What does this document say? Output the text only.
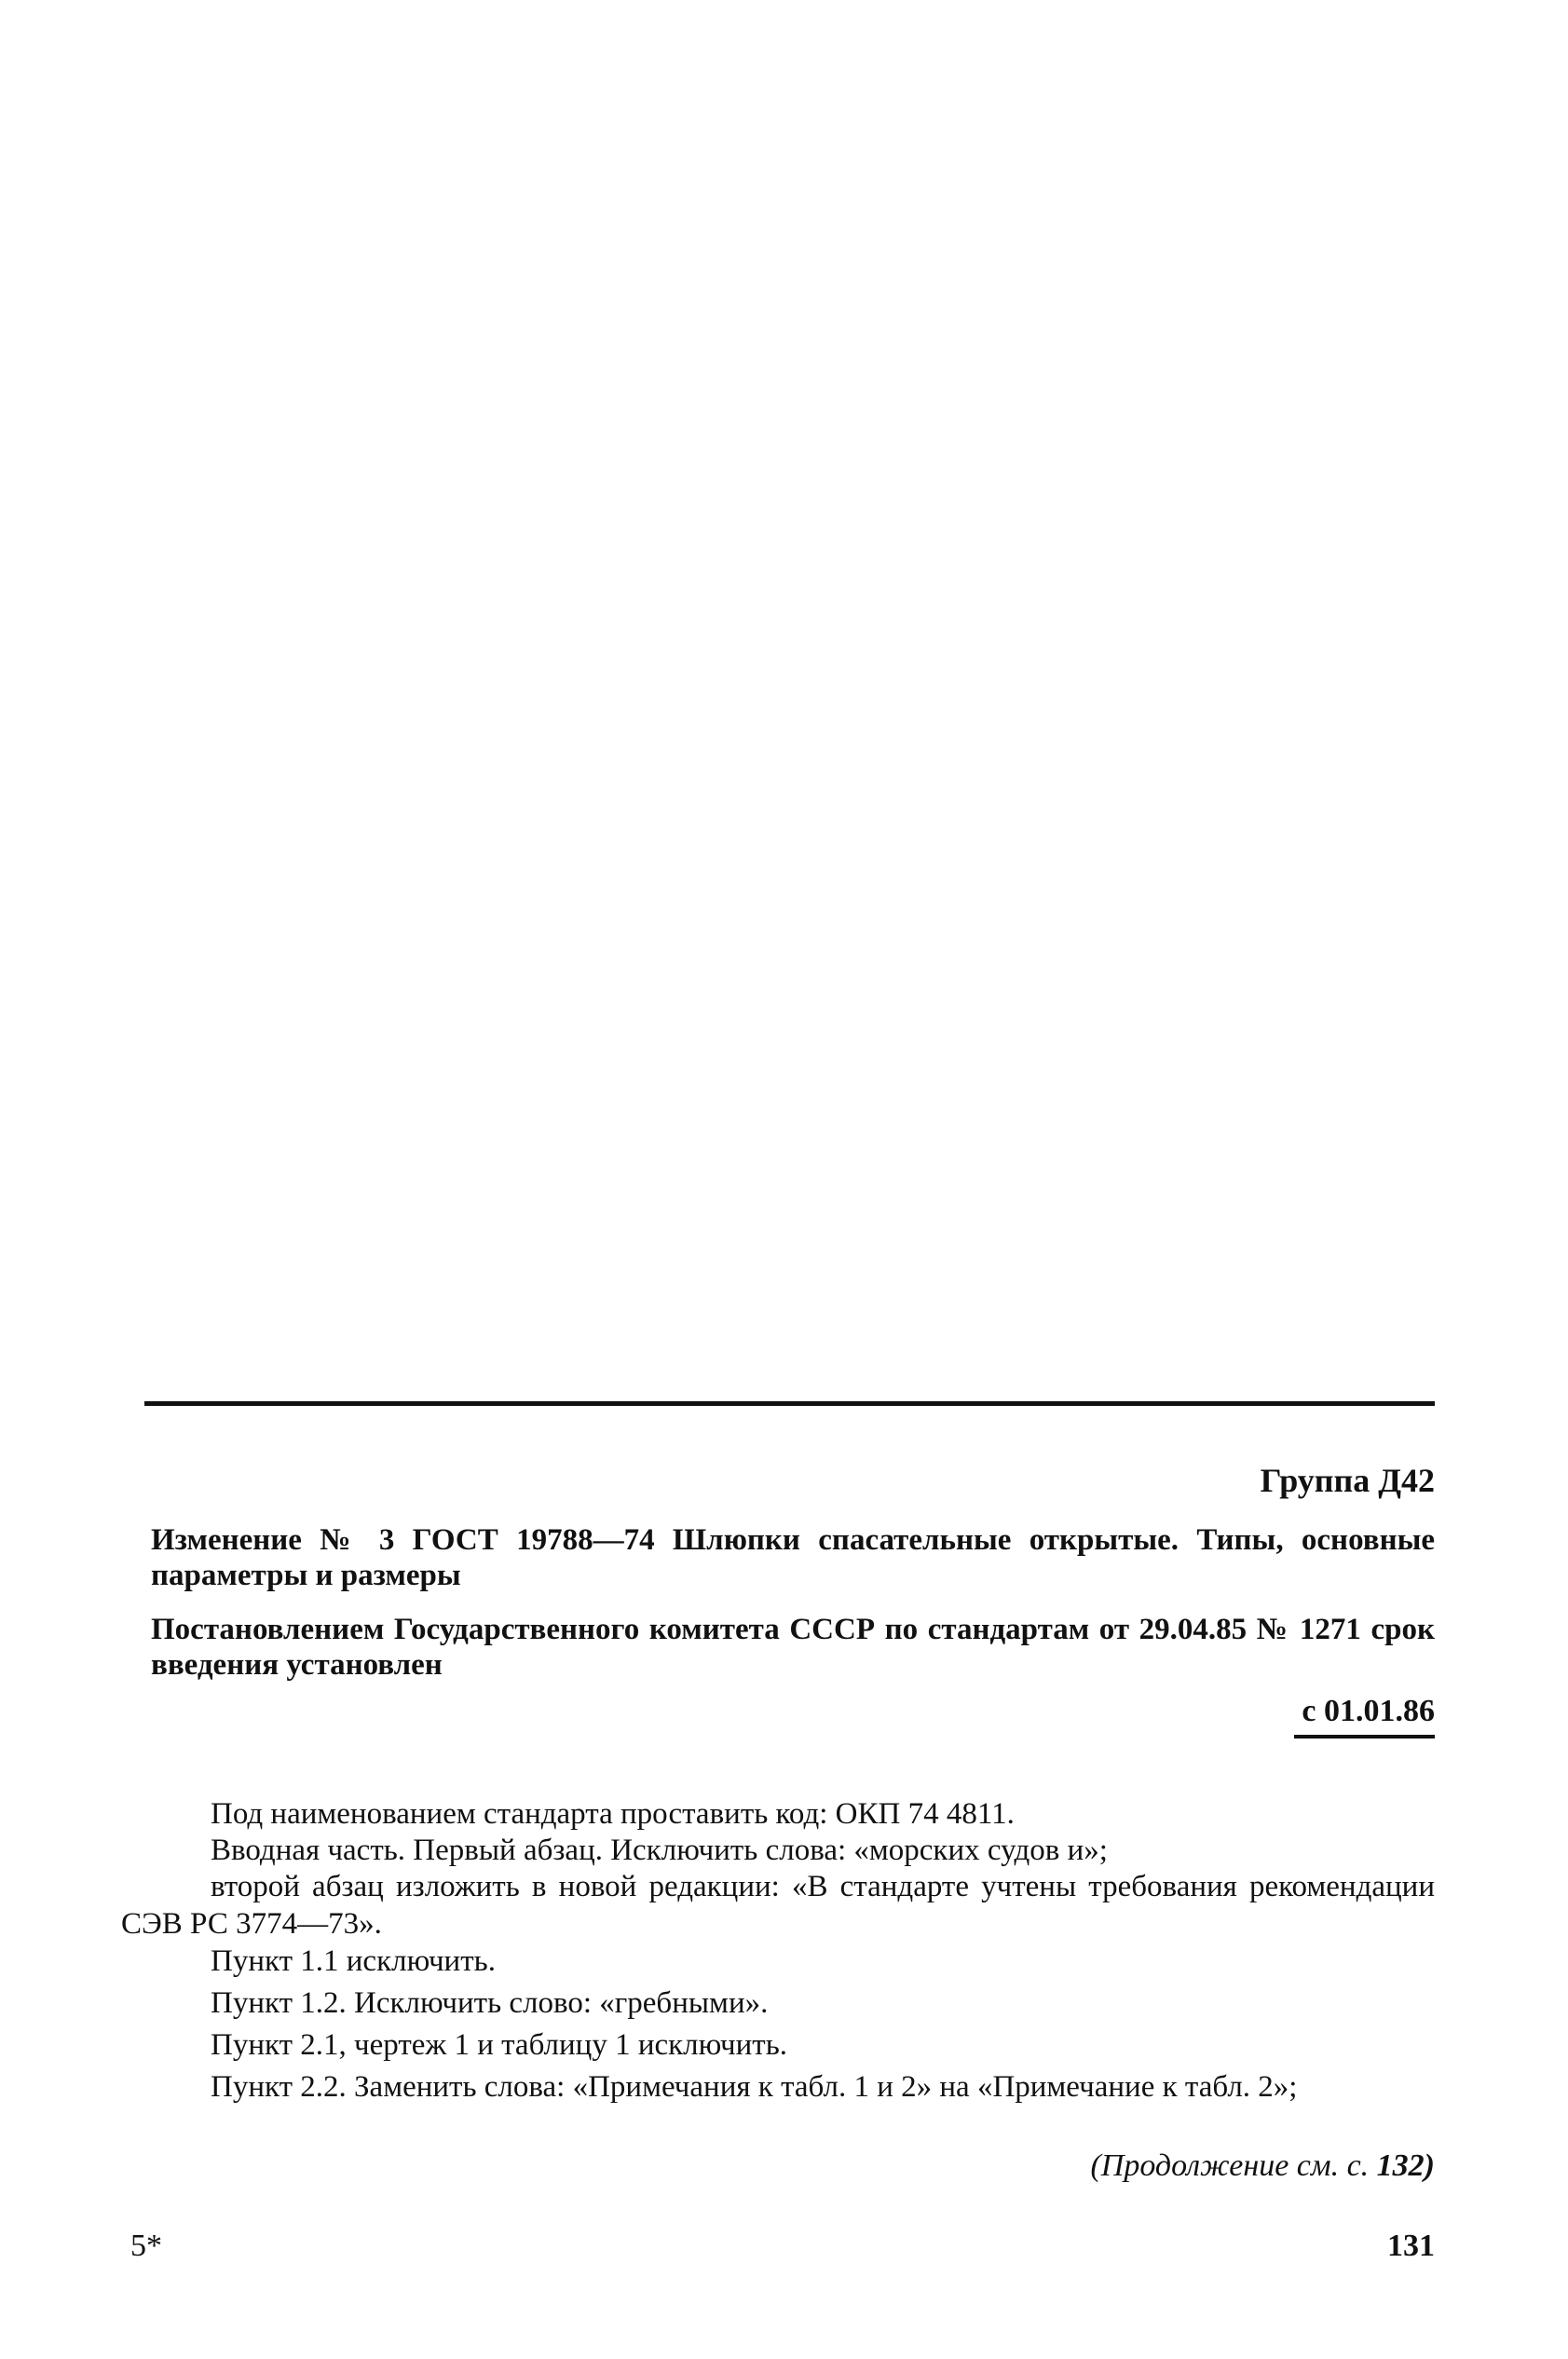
Группа Д42

Изменение № 3 ГОСТ 19788—74 Шлюпки спасательные открытые. Типы, основные параметры и размеры

Постановлением Государственного комитета СССР по стандартам от 29.04.85 № 1271 срок введения установлен

с 01.01.86

Под наименованием стандарта проставить код: ОКП 74 4811.

Вводная часть. Первый абзац. Исключить слова: «морских судов и»;

второй абзац изложить в новой редакции: «В стандарте учтены требования рекомендации СЭВ РС 3774—73».

Пункт 1.1 исключить.

Пункт 1.2. Исключить слово: «гребными».

Пункт 2.1, чертеж 1 и таблицу 1 исключить.

Пункт 2.2. Заменить слова: «Примечания к табл. 1 и 2» на «Примечание к табл. 2»;

(Продолжение см. с. 132)
5*	131
